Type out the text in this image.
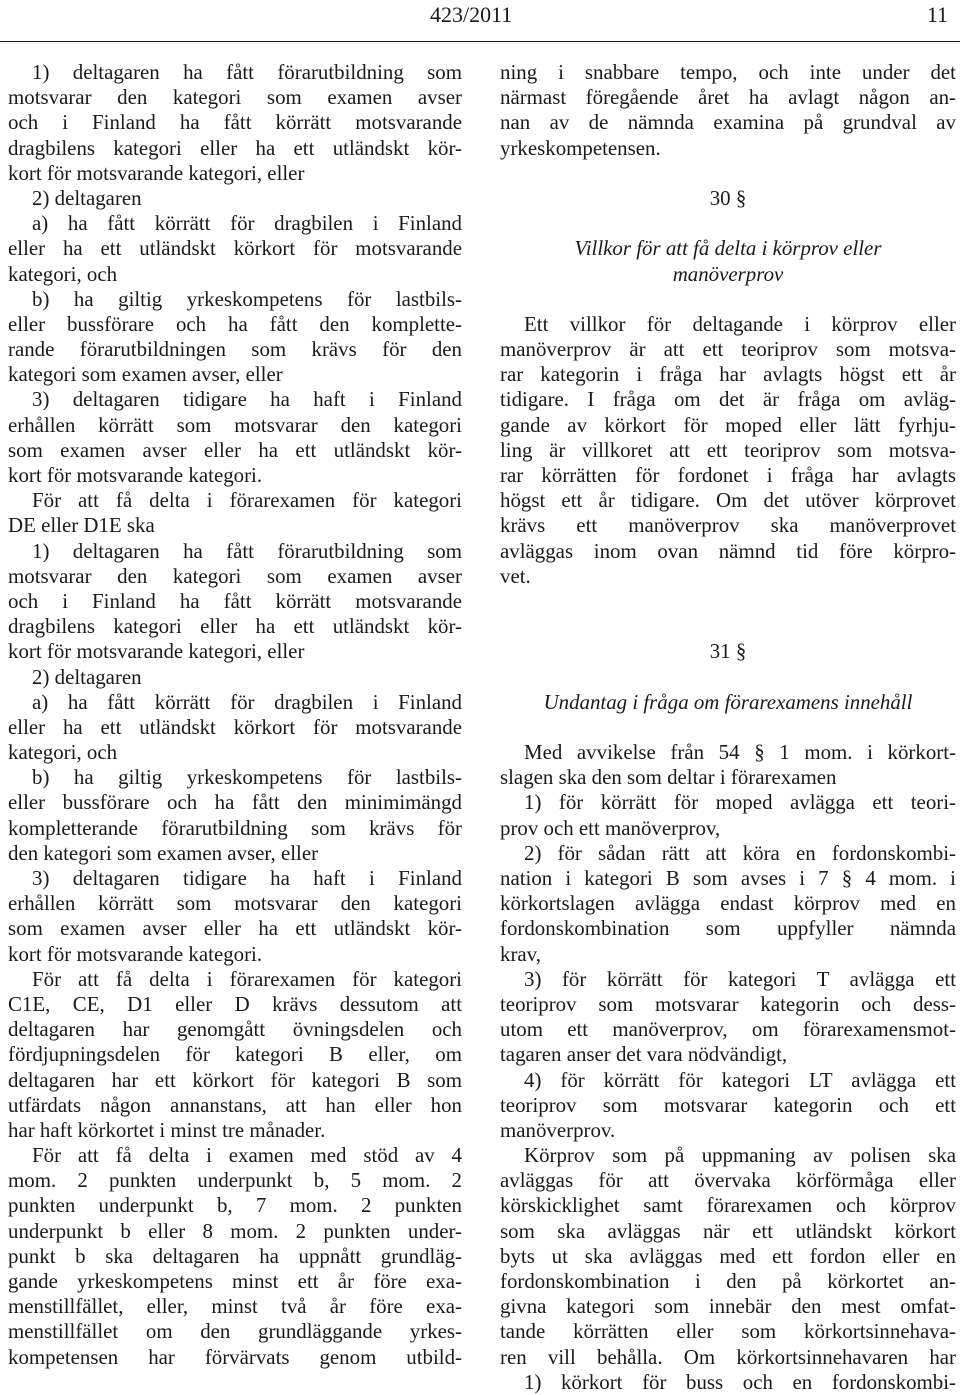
423/2011	11
1) deltagaren ha fått förarutbildning som
motsvarar den kategori som examen avser
och i Finland ha fått körrätt motsvarande
dragbilens kategori eller ha ett utländskt kör-
kort för motsvarande kategori, eller
2) deltagaren
a) ha fått körrätt för dragbilen i Finland
eller ha ett utländskt körkort för motsvarande
kategori, och
b) ha giltig yrkeskompetens för lastbils-
eller bussförare och ha fått den komplette-
rande förarutbildningen som krävs för den
kategori som examen avser, eller
3) deltagaren tidigare ha haft i Finland
erhållen körrätt som motsvarar den kategori
som examen avser eller ha ett utländskt kör-
kort för motsvarande kategori.
För att få delta i förarexamen för kategori
DE eller D1E ska
1) deltagaren ha fått förarutbildning som
motsvarar den kategori som examen avser
och i Finland ha fått körrätt motsvarande
dragbilens kategori eller ha ett utländskt kör-
kort för motsvarande kategori, eller
2) deltagaren
a) ha fått körrätt för dragbilen i Finland
eller ha ett utländskt körkort för motsvarande
kategori, och
b) ha giltig yrkeskompetens för lastbils-
eller bussförare och ha fått den minimimängd
kompletterande förarutbildning som krävs för
den kategori som examen avser, eller
3) deltagaren tidigare ha haft i Finland
erhållen körrätt som motsvarar den kategori
som examen avser eller ha ett utländskt kör-
kort för motsvarande kategori.
För att få delta i förarexamen för kategori
C1E, CE, D1 eller D krävs dessutom att
deltagaren har genomgått övningsdelen och
fördjupningsdelen för kategori B eller, om
deltagaren har ett körkort för kategori B som
utfärdats någon annanstans, att han eller hon
har haft körkortet i minst tre månader.
För att få delta i examen med stöd av 4
mom. 2 punkten underpunkt b, 5 mom. 2
punkten underpunkt b, 7 mom. 2 punkten
underpunkt b eller 8 mom. 2 punkten under-
punkt b ska deltagaren ha uppnått grundläg-
gande yrkeskompetens minst ett år före exa-
menstillfället, eller, minst två år före exa-
menstillfället om den grundläggande yrkes-
kompetensen har förvärvats genom utbild-
ning i snabbare tempo, och inte under det
närmast föregående året ha avlagt någon an-
nan av de nämnda examina på grundval av
yrkeskompetensen.

30 §

Villkor för att få delta i körprov eller
manöverprov

Ett villkor för deltagande i körprov eller
manöverprov är att ett teoriprov som motsva-
rar kategorin i fråga har avlagts högst ett år
tidigare. I fråga om det är fråga om avläg-
gande av körkort för moped eller lätt fyrhju-
ling är villkoret att ett teoriprov som motsva-
rar körrätten för fordonet i fråga har avlagts
högst ett år tidigare. Om det utöver körprovet
krävs ett manöverprov ska manöverprovet
avläggas inom ovan nämnd tid före körpro-
vet.

31 §

Undantag i fråga om förarexamens innehåll

Med avvikelse från 54 § 1 mom. i körkort-
slagen ska den som deltar i förarexamen
1) för körrätt för moped avlägga ett teori-
prov och ett manöverprov,
2) för sådan rätt att köra en fordonskombi-
nation i kategori B som avses i 7 § 4 mom. i
körkortslagen avlägga endast körprov med en
fordonskombination som uppfyller nämnda
krav,
3) för körrätt för kategori T avlägga ett
teoriprov som motsvarar kategorin och dess-
utom ett manöverprov, om förarexamensmot-
tagaren anser det vara nödvändigt,
4) för körrätt för kategori LT avlägga ett
teoriprov som motsvarar kategorin och ett
manöverprov.
Körprov som på uppmaning av polisen ska
avläggas för att övervaka körförmåga eller
körskicklighet samt förarexamen och körprov
som ska avläggas när ett utländskt körkort
byts ut ska avläggas med ett fordon eller en
fordonskombination i den på körkortet an-
givna kategori som innebär den mest omfat-
tande körrätten eller som körkortsinnehava-
ren vill behålla. Om körkortsinnehavaren har
1) körkort för buss och en fordonskombi-
